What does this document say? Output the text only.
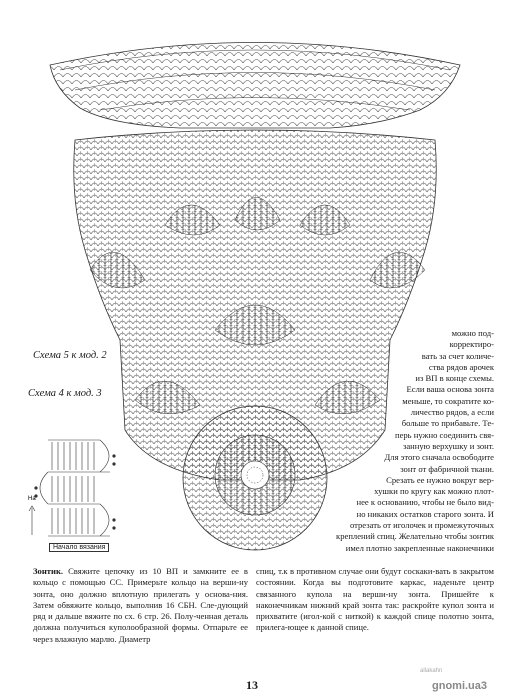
На
Схема 5 к мод. 2
Схема 4 к мод. 3
Начало вязания

можно под-

корректиро-

вать за счет количе-

ства рядов арочек

из ВП в конце схемы.

Если ваша основа зонта

меньше, то сократите ко-

личество рядов, а если

больше то прибавьте. Те-

перь нужно соединить свя-

занную верхушку и зонт.

Для этого сначала освободите

зонт от фабричной ткани.

Срезать ее нужно вокруг вер-

хушки по кругу как можно плот-

нее к основанию, чтобы не было вид-

но никаких остатков старого зонта. И

отрезать от иголочек и промежуточных

креплений спиц. Желательно чтобы зонтик

имел плотно закрепленные наконечники

Зонтик. Свяжите цепочку из 10 ВП и замкните ее в кольцо с помощью СС. Примерьте кольцо на верши-ну зонта, оно должно вплотную прилегать у основа-ния. Затем обвяжите кольцо, выполнив 16 СБН. Сле-дующий ряд и дальше вяжите по сх. 6 стр. 26. Полу-ченная деталь должна получиться куполообразной формы. Отпарьте ее через влажную марлю. Диаметр
спиц, т.к в противном случае они будут соскаки-вать в закрытом состоянии. Когда вы подготовите каркас, наденьте центр связанного купола на верши-ну зонта. Пришейте к наконечникам нижний край зонта так: раскройте купол зонта и прихватите (игол-кой с ниткой) к каждой спице полотно зонта, прилега-ющее к данной спице.
13
allakahn
gnomi.ua3
